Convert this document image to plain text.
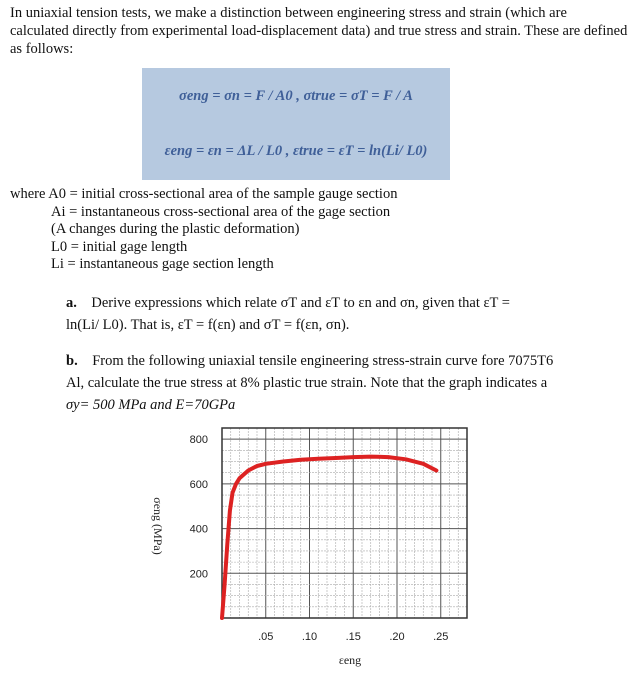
In uniaxial tension tests, we make a distinction between engineering stress and strain (which are calculated directly from experimental load-displacement data) and true stress and strain. These are defined as follows:
σeng = σn = F / A0 , σtrue = σT = F / A
εeng = εn = ΔL / L0 , εtrue = εT = ln(Li/ L0)
where A0 = initial cross-sectional area of the sample gauge section
Ai = instantaneous cross-sectional area of the gage section
(A changes during the plastic deformation)
L0 = initial gage length
Li = instantaneous gage section length
a. Derive expressions which relate σT and εT to εn and σn, given that εT =
ln(Li/ L0). That is, εT = f(εn) and σT = f(εn, σn).
b. From the following uniaxial tensile engineering stress-strain curve fore 7075T6
Al, calculate the true stress at 8% plastic true strain. Note that the graph indicates a
σy= 500 MPa and E=70GPa
200
400
600
800
.05	.10	.15	.20	.25
σeng (MPa)
εeng
